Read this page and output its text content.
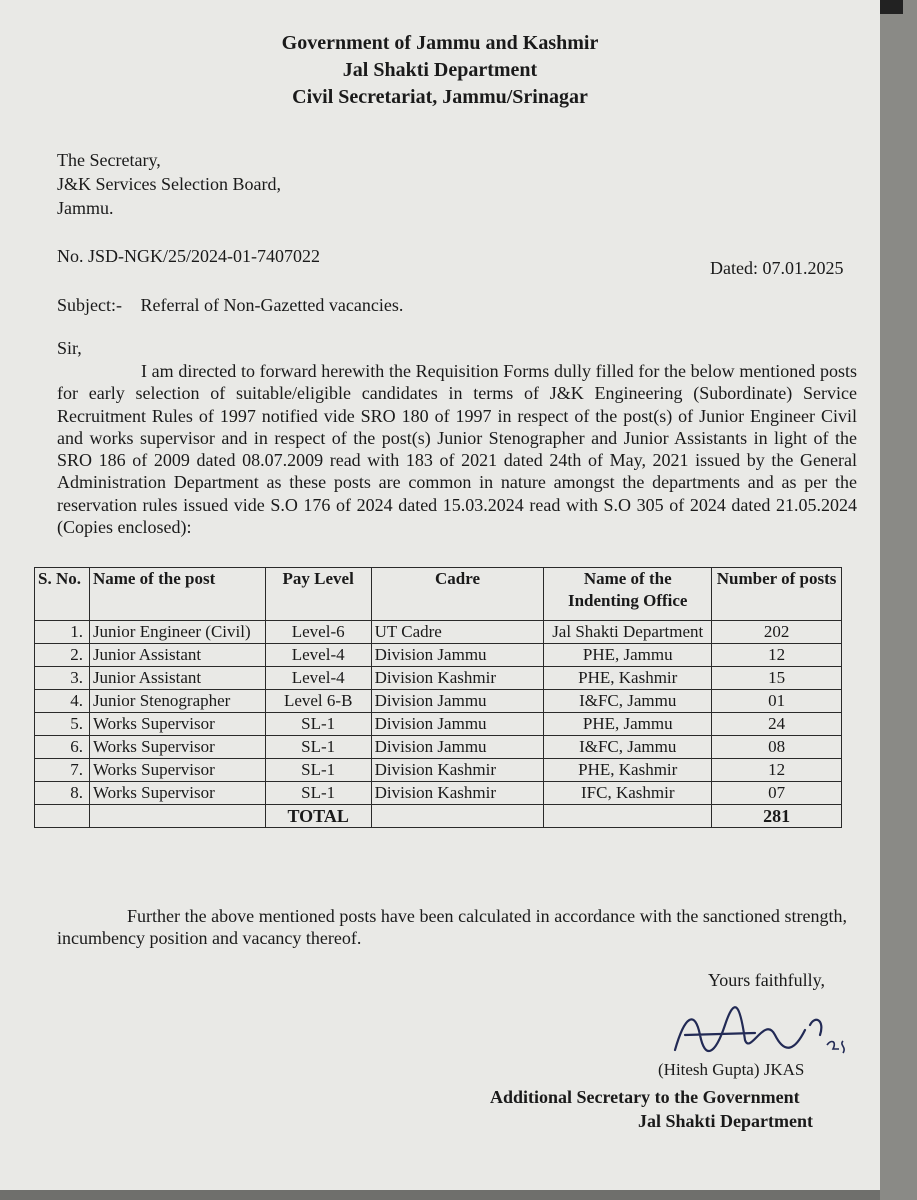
Government of Jammu and Kashmir
Jal Shakti Department
Civil Secretariat, Jammu/Srinagar
The Secretary,
J&K Services Selection Board,
Jammu.
No. JSD-NGK/25/2024-01-7407022
Dated: 07.01.2025
Subject:- Referral of Non-Gazetted vacancies.
Sir,
I am directed to forward herewith the Requisition Forms dully filled for the below mentioned posts for early selection of suitable/eligible candidates in terms of J&K Engineering (Subordinate) Service Recruitment Rules of 1997 notified vide SRO 180 of 1997 in respect of the post(s) of Junior Engineer Civil and works supervisor and in respect of the post(s) Junior Stenographer and Junior Assistants in light of the SRO 186 of 2009 dated 08.07.2009 read with 183 of 2021 dated 24th of May, 2021 issued by the General Administration Department as these posts are common in nature amongst the departments and as per the reservation rules issued vide S.O 176 of 2024 dated 15.03.2024 read with S.O 305 of 2024 dated 21.05.2024 (Copies enclosed):
S. No.	Name of the post	Pay Level	Cadre	Name of the Indenting Office	Number of posts
1.	Junior Engineer (Civil)	Level-6	UT Cadre	Jal Shakti Department	202
2.	Junior Assistant	Level-4	Division Jammu	PHE, Jammu	12
3.	Junior Assistant	Level-4	Division Kashmir	PHE, Kashmir	15
4.	Junior Stenographer	Level 6-B	Division Jammu	I&FC, Jammu	01
5.	Works Supervisor	SL-1	Division Jammu	PHE, Jammu	24
6.	Works Supervisor	SL-1	Division Jammu	I&FC, Jammu	08
7.	Works Supervisor	SL-1	Division Kashmir	PHE, Kashmir	12
8.	Works Supervisor	SL-1	Division Kashmir	IFC, Kashmir	07
		TOTAL			281
Further the above mentioned posts have been calculated in accordance with the sanctioned strength, incumbency position and vacancy thereof.
Yours faithfully,
(Hitesh Gupta) JKAS
Additional Secretary to the Government
Jal Shakti Department
